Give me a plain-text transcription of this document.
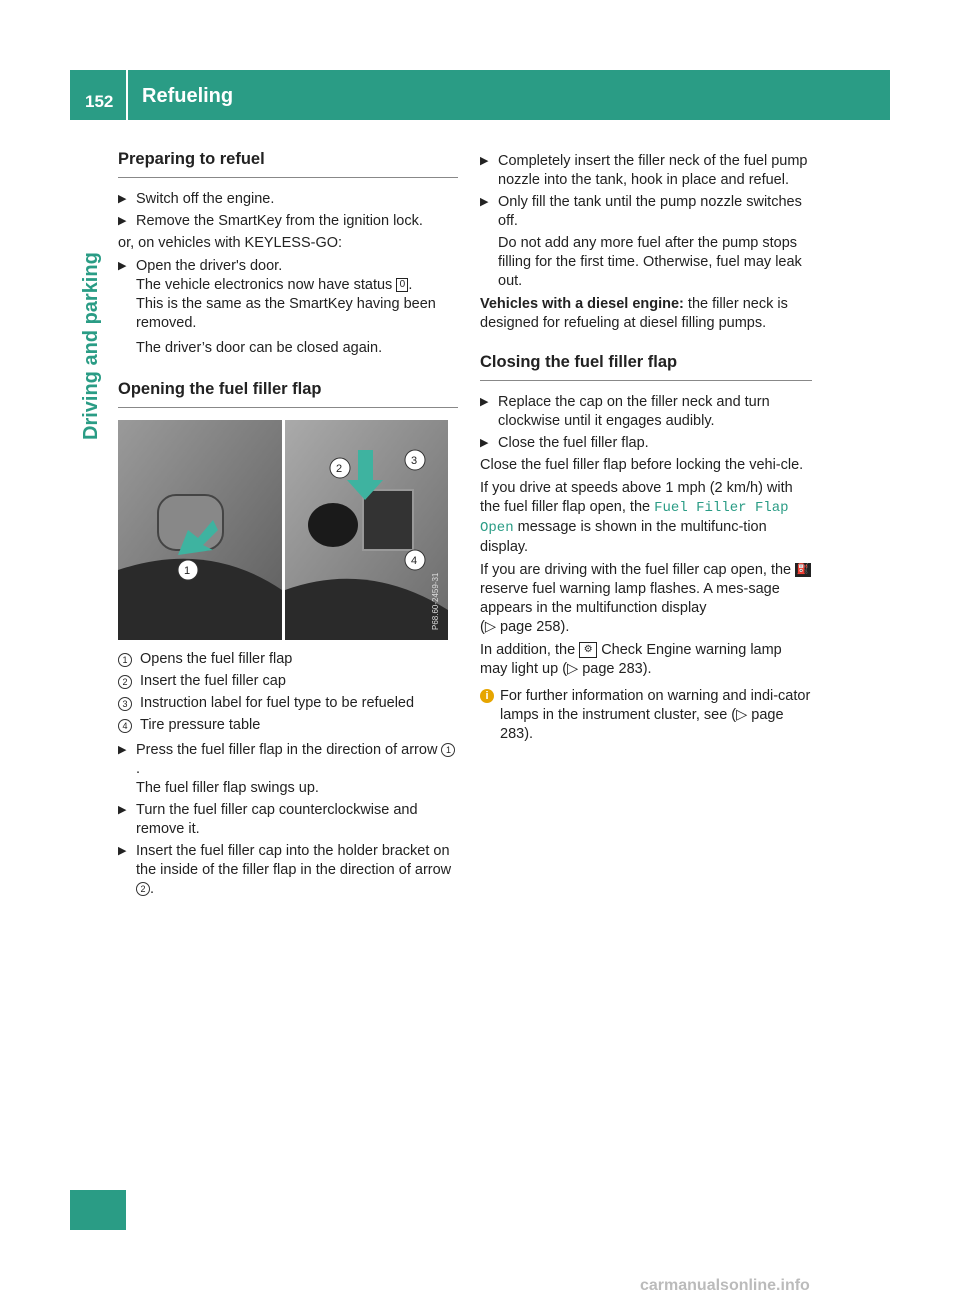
152 Refueling
Driving and parking
Preparing to refuel
▶ Switch off the engine.
▶ Remove the SmartKey from the ignition lock.
or, on vehicles with KEYLESS-GO:
▶ Open the driver's door.
The vehicle electronics now have status 0 .
This is the same as the SmartKey having been removed.
The driver’s door can be closed again.
Opening the fuel filler flap
1
2
3
4
P68.60-2459-31
1 Opens the fuel filler flap
2 Insert the fuel filler cap
3 Instruction label for fuel type to be refueled
4 Tire pressure table
▶ Press the fuel filler flap in the direction of arrow 1.
The fuel filler flap swings up.
▶ Turn the fuel filler cap counterclockwise and remove it.
▶ Insert the fuel filler cap into the holder bracket on the inside of the filler flap in the direction of arrow 2 .
▶ Completely insert the filler neck of the fuel pump nozzle into the tank, hook in place and refuel.
▶ Only fill the tank until the pump nozzle switches off.
Do not add any more fuel after the pump stops filling for the first time. Otherwise, fuel may leak out.
Vehicles with a diesel engine: the filler neck is designed for refueling at diesel filling pumps.
Closing the fuel filler flap
▶ Replace the cap on the filler neck and turn clockwise until it engages audibly.
▶ Close the fuel filler flap.
Close the fuel filler flap before locking the vehi-cle.
If you drive at speeds above 1 mph (2 km/h) with the fuel filler flap open, the Fuel Filler Flap Open message is shown in the multifunc-tion display.
If you are driving with the fuel filler cap open, the ⛽ reserve fuel warning lamp flashes. A mes-sage appears in the multifunction display
(▷ page 258).
In addition, the ⚙ Check Engine warning lamp may light up (▷ page 283).
i For further information on warning and indi-cator lamps in the instrument cluster, see (▷ page 283).
carmanualsonline.info
